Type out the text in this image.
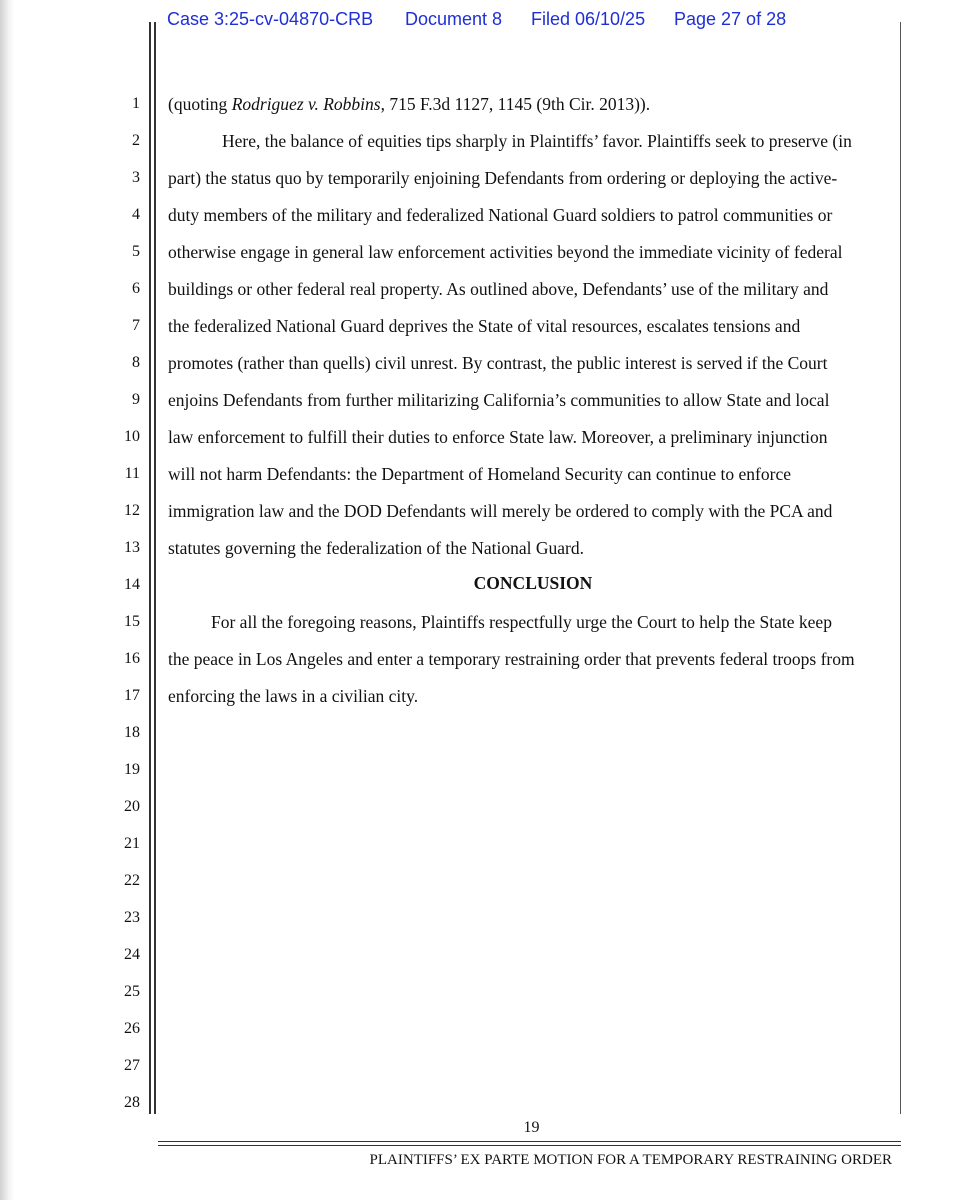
Case 3:25-cv-04870-CRB Document 8 Filed 06/10/25 Page 27 of 28
1
2
3
4
5
6
7
8
9
10
11
12
13
14
15
16
17
18
19
20
21
22
23
24
25
26
27
28
(quoting Rodriguez v. Robbins, 715 F.3d 1127, 1145 (9th Cir. 2013)).
Here, the balance of equities tips sharply in Plaintiffs’ favor. Plaintiffs seek to preserve (in
part) the status quo by temporarily enjoining Defendants from ordering or deploying the active-
duty members of the military and federalized National Guard soldiers to patrol communities or
otherwise engage in general law enforcement activities beyond the immediate vicinity of federal
buildings or other federal real property. As outlined above, Defendants’ use of the military and
the federalized National Guard deprives the State of vital resources, escalates tensions and
promotes (rather than quells) civil unrest. By contrast, the public interest is served if the Court
enjoins Defendants from further militarizing California’s communities to allow State and local
law enforcement to fulfill their duties to enforce State law. Moreover, a preliminary injunction
will not harm Defendants: the Department of Homeland Security can continue to enforce
immigration law and the DOD Defendants will merely be ordered to comply with the PCA and
statutes governing the federalization of the National Guard.
CONCLUSION
For all the foregoing reasons, Plaintiffs respectfully urge the Court to help the State keep
the peace in Los Angeles and enter a temporary restraining order that prevents federal troops from
enforcing the laws in a civilian city.
19
PLAINTIFFS’ EX PARTE MOTION FOR A TEMPORARY RESTRAINING ORDER
